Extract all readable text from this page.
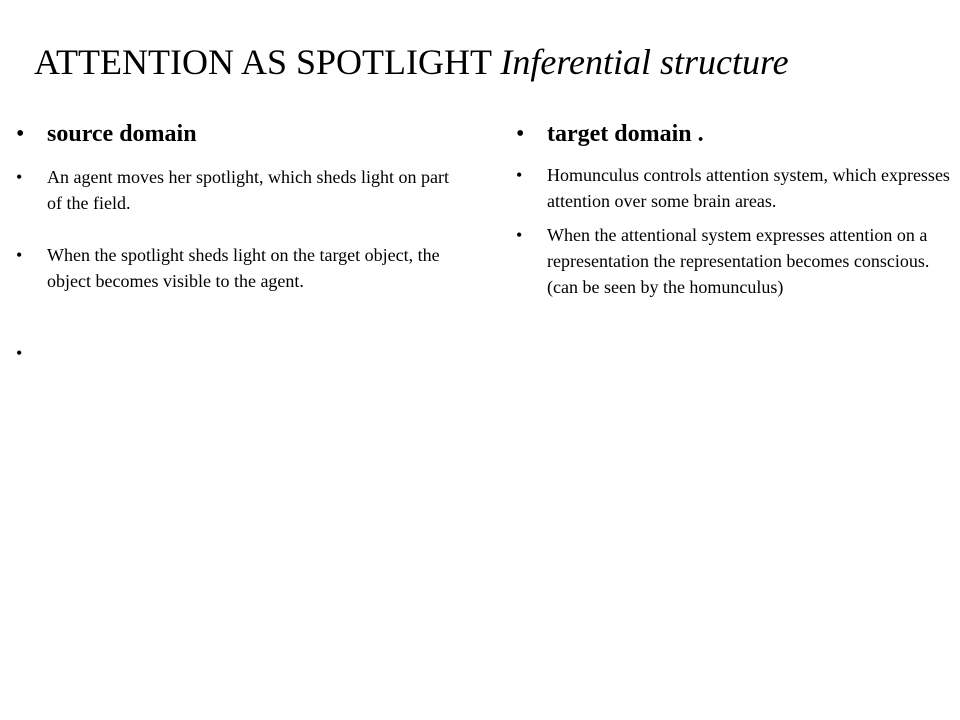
ATTENTION AS SPOTLIGHT Inferential structure
• source domain
• An agent moves her spotlight, which sheds light on part of the field.
• When the spotlight sheds light on the target object, the object becomes visible to the agent.
•
• target domain .
• Homunculus controls attention system, which expresses attention over some brain areas.
• When the attentional system expresses attention on a representation the representation becomes conscious.(can be seen by the homunculus)
